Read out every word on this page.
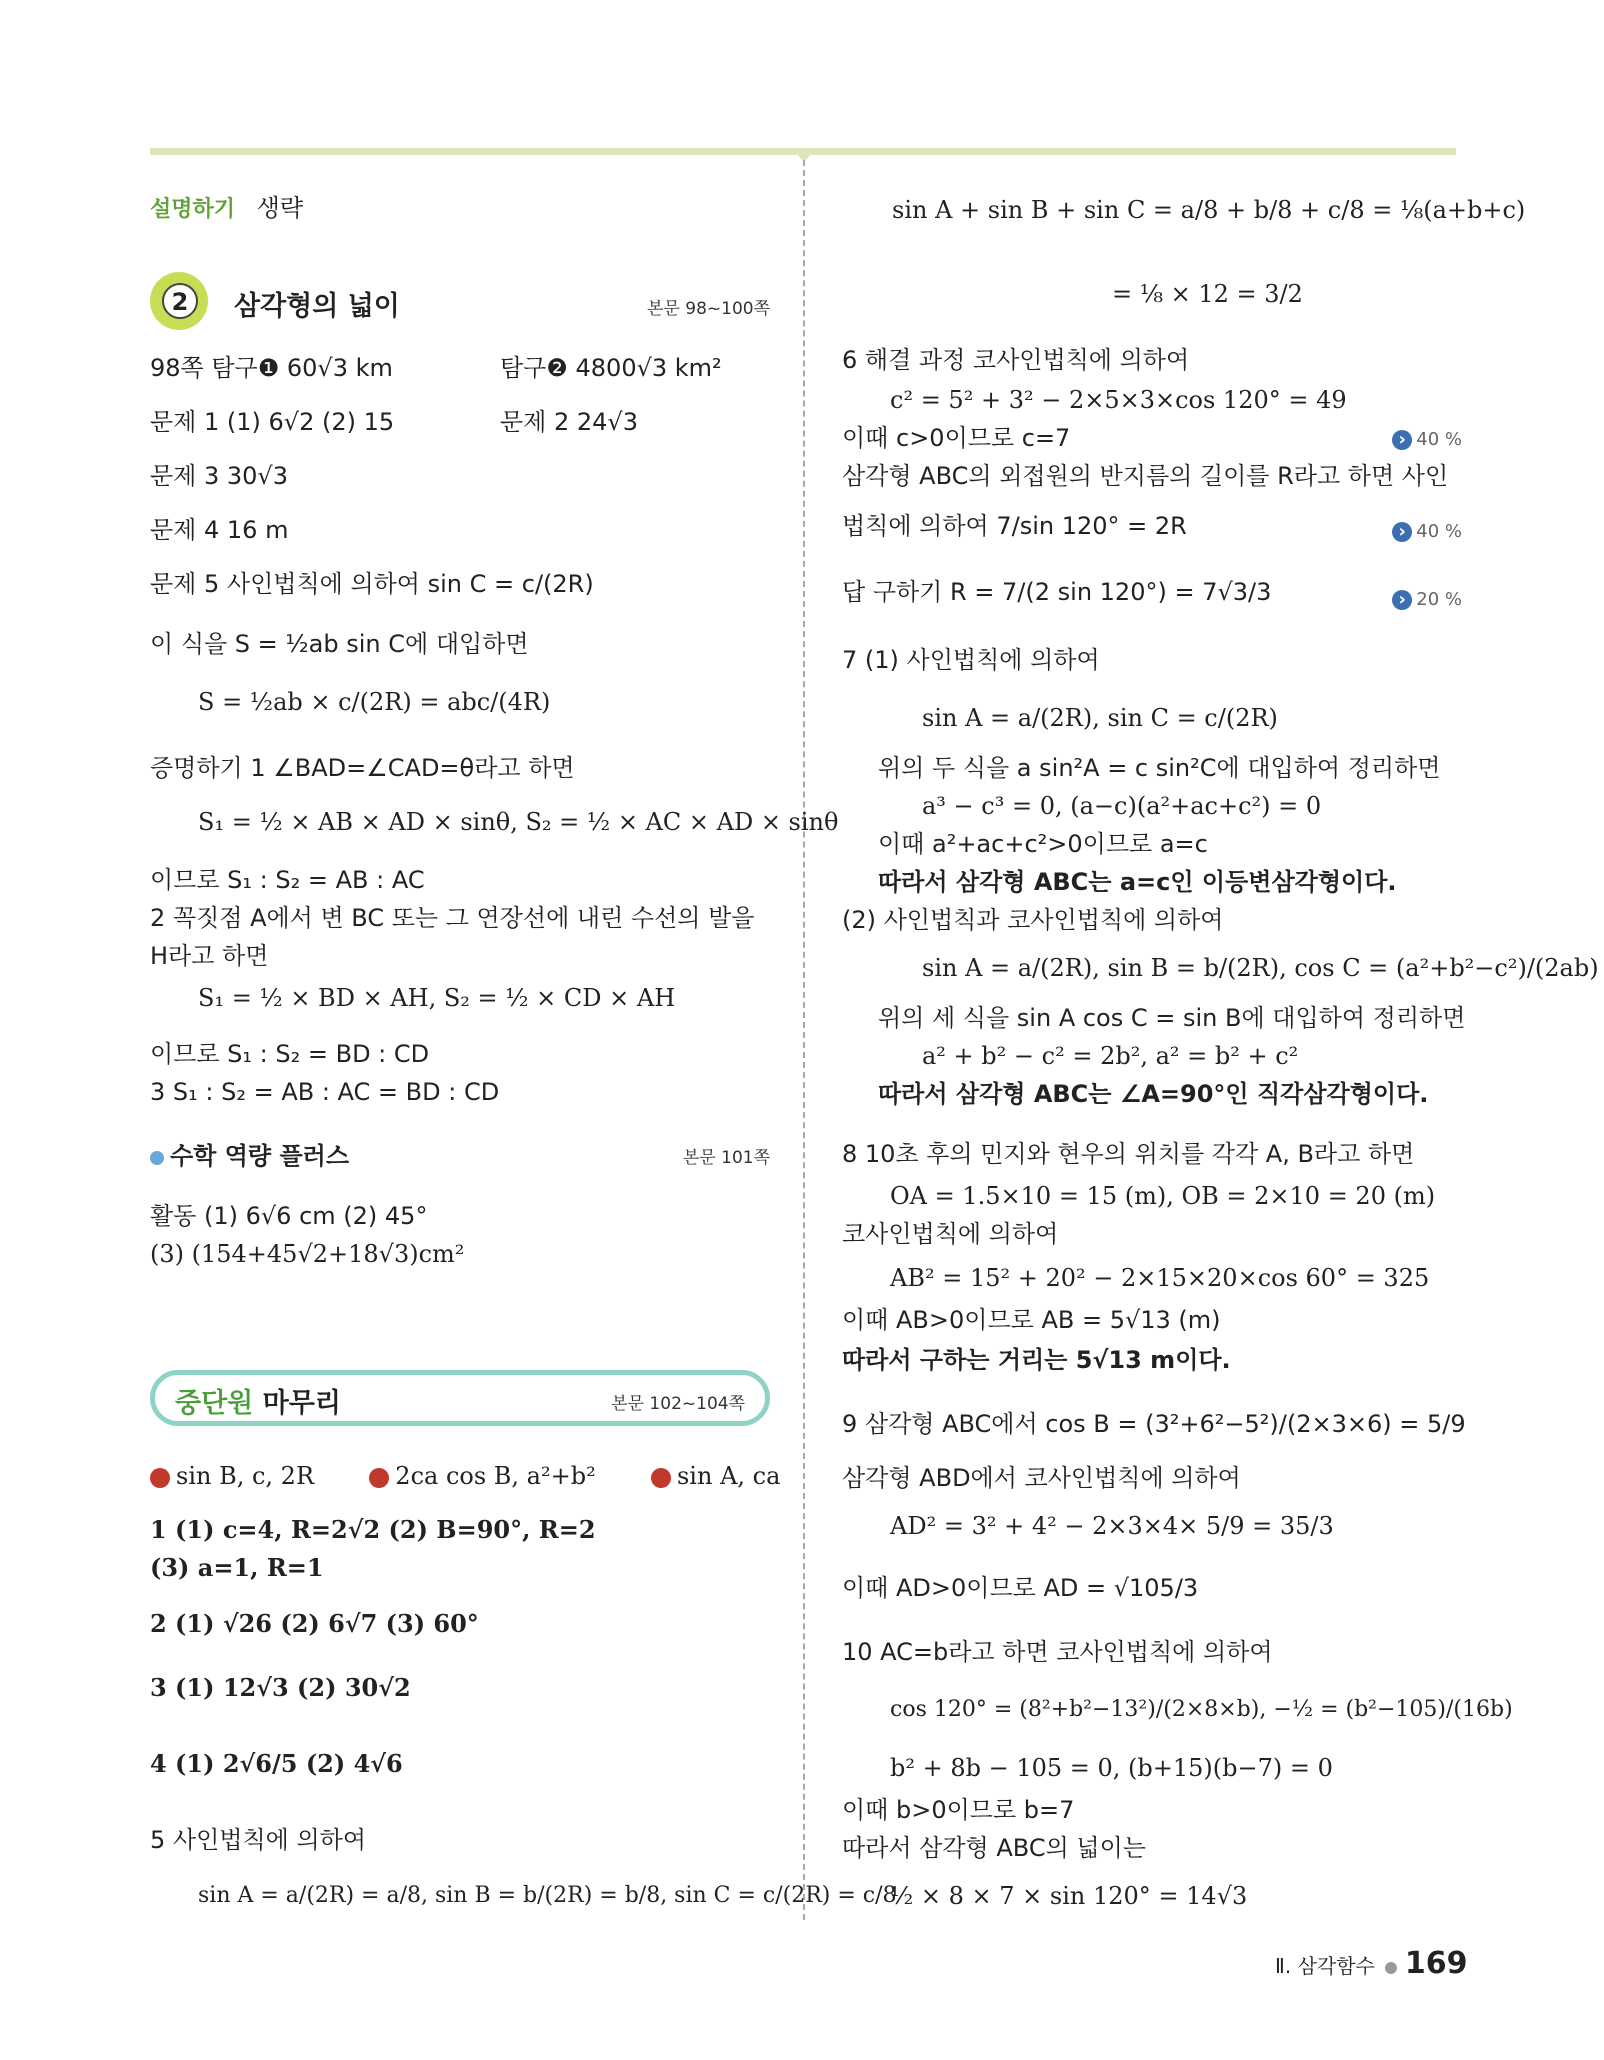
설명하기 생략
2	삼각형의 넓이	본문 98~100쪽
98쪽 탐구❶ 60√3 km	탐구❷ 4800√3 km²
문제 1 (1) 6√2 (2) 15	문제 2 24√3
문제 3 30√3
문제 4 16 m
문제 5 사인법칙에 의하여 sin C = c/(2R)
이 식을 S = ½ab sin C에 대입하면
S = ½ab × c/(2R) = abc/(4R)
증명하기 1 ∠BAD=∠CAD=θ라고 하면
S₁ = ½ × AB × AD × sinθ, S₂ = ½ × AC × AD × sinθ
이므로 S₁ : S₂ = AB : AC
2 꼭짓점 A에서 변 BC 또는 그 연장선에 내린 수선의 발을
H라고 하면
S₁ = ½ × BD × AH, S₂ = ½ × CD × AH
이므로 S₁ : S₂ = BD : CD
3 S₁ : S₂ = AB : AC = BD : CD
수학 역량 플러스	본문 101쪽
활동 (1) 6√6 cm (2) 45°
(3) (154+45√2+18√3)cm²
중단원 마무리	본문 102~104쪽
sin B, c, 2R	2ca cos B, a²+b²	sin A, ca
1 (1) c=4, R=2√2 (2) B=90°, R=2
(3) a=1, R=1
2 (1) √26 (2) 6√7 (3) 60°
3 (1) 12√3 (2) 30√2
4 (1) 2√6/5 (2) 4√6
5 사인법칙에 의하여
sin A = a/(2R) = a/8, sin B = b/(2R) = b/8, sin C = c/(2R) = c/8
sin A + sin B + sin C = a/8 + b/8 + c/8 = ⅛(a+b+c)
= ⅛ × 12 = 3/2
6 해결 과정 코사인법칙에 의하여
c² = 5² + 3² − 2×5×3×cos 120° = 49
이때 c>0이므로 c=7	› 40 %
삼각형 ABC의 외접원의 반지름의 길이를 R라고 하면 사인
법칙에 의하여 7/sin 120° = 2R	› 40 %
답 구하기 R = 7/(2 sin 120°) = 7√3/3	› 20 %
7 (1) 사인법칙에 의하여
sin A = a/(2R), sin C = c/(2R)
위의 두 식을 a sin²A = c sin²C에 대입하여 정리하면
a³ − c³ = 0, (a−c)(a²+ac+c²) = 0
이때 a²+ac+c²>0이므로 a=c
따라서 삼각형 ABC는 a=c인 이등변삼각형이다.
(2) 사인법칙과 코사인법칙에 의하여
sin A = a/(2R), sin B = b/(2R), cos C = (a²+b²−c²)/(2ab)
위의 세 식을 sin A cos C = sin B에 대입하여 정리하면
a² + b² − c² = 2b², a² = b² + c²
따라서 삼각형 ABC는 ∠A=90°인 직각삼각형이다.
8 10초 후의 민지와 현우의 위치를 각각 A, B라고 하면
OA = 1.5×10 = 15 (m), OB = 2×10 = 20 (m)
코사인법칙에 의하여
AB² = 15² + 20² − 2×15×20×cos 60° = 325
이때 AB>0이므로 AB = 5√13 (m)
따라서 구하는 거리는 5√13 m이다.
9 삼각형 ABC에서 cos B = (3²+6²−5²)/(2×3×6) = 5/9
삼각형 ABD에서 코사인법칙에 의하여
AD² = 3² + 4² − 2×3×4× 5/9 = 35/3
이때 AD>0이므로 AD = √105/3
10 AC=b라고 하면 코사인법칙에 의하여
cos 120° = (8²+b²−13²)/(2×8×b), −½ = (b²−105)/(16b)
b² + 8b − 105 = 0, (b+15)(b−7) = 0
이때 b>0이므로 b=7
따라서 삼각형 ABC의 넓이는
½ × 8 × 7 × sin 120° = 14√3
Ⅱ. 삼각함수 169
